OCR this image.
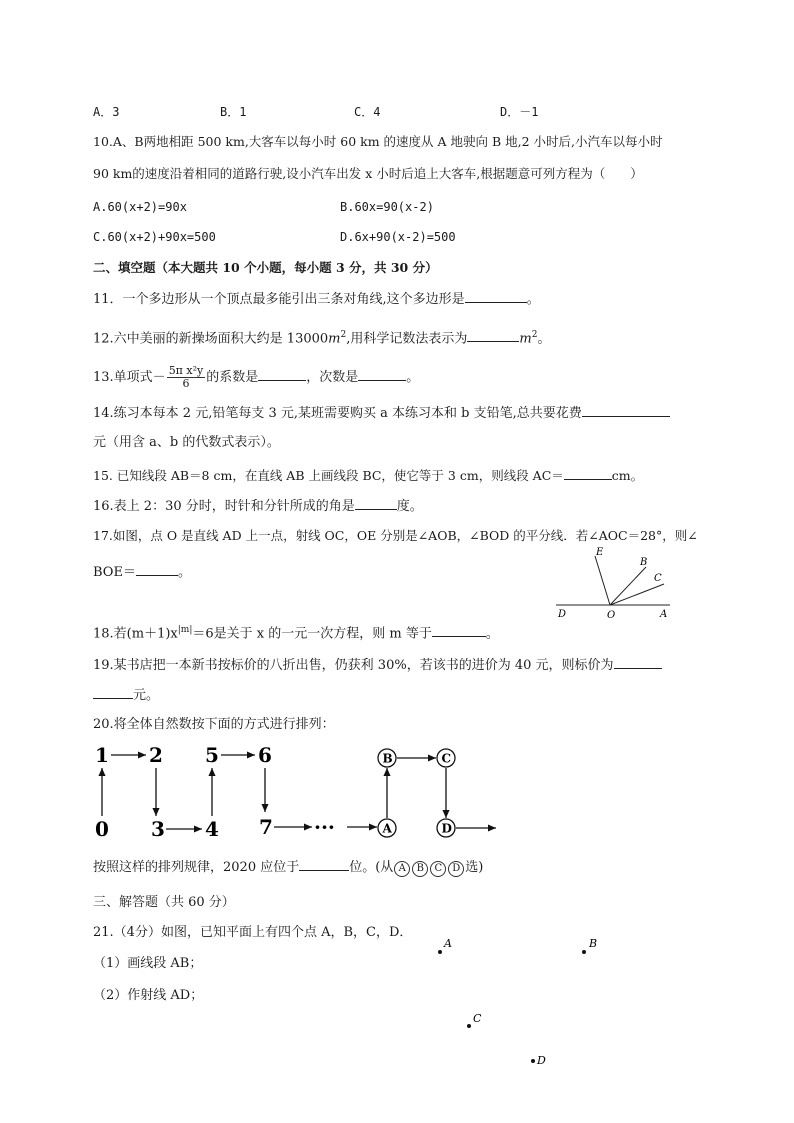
A．3	B．1	C．4	D．－1
10.A、B两地相距 500 km,大客车以每小时 60 km 的速度从 A 地驶向 B 地,2 小时后,小汽车以每小时
90 km的速度沿着相同的道路行驶,设小汽车出发 x 小时后追上大客车,根据题意可列方程为（　　）
A.60(x+2)=90x	B.60x=90(x-2)
C.60(x+2)+90x=500	D.6x+90(x-2)=500
二、填空题（本大题共 10 个小题，每小题 3 分，共 30 分）
11．一个多边形从一个顶点最多能引出三条对角线,这个多边形是	。
12.六中美丽的新操场面积大约是 $13000m^2$,用科学记数法表示为	$m^2$。
13.单项式－ $\frac{\text{5π x²y}}{6}$ 的系数是	，次数是	。
14.练习本每本 2 元,铅笔每支 3 元,某班需要购买 a 本练习本和 b 支铅笔,总共要花费
元（用含 a、b 的代数式表示）。
15. 已知线段 AB＝8 cm，在直线 AB 上画线段 BC，使它等于 3 cm，则线段 AC＝	cm。
16.表上 2：30 分时，时针和分针所成的角是	度。
17.如图，点 O 是直线 AD 上一点，射线 OC，OE 分别是∠AOB，∠BOD 的平分线．若∠AOC＝28°，则∠
BOE＝	。
E
B
C
D	O	A
18.若$(m+1)x^{|m|}=6$是关于 x 的一元一次方程，则 m 等于	。
19.某书店把一本新书按标价的八折出售，仍获利 30%，若该书的进价为 40 元，则标价为
元。
20.将全体自然数按下面的方式进行排列：
1 2 5 6
0 3 4 7 ···
B	C
A	D
按照这样的排列规律，2020 应位于	位。(从 A B C D 选)
三、解答题（共 60 分）
21.（4分）如图，已知平面上有四个点 A，B，C，D．
（1）画线段 AB；
（2）作射线 AD；
A	B
C
D
